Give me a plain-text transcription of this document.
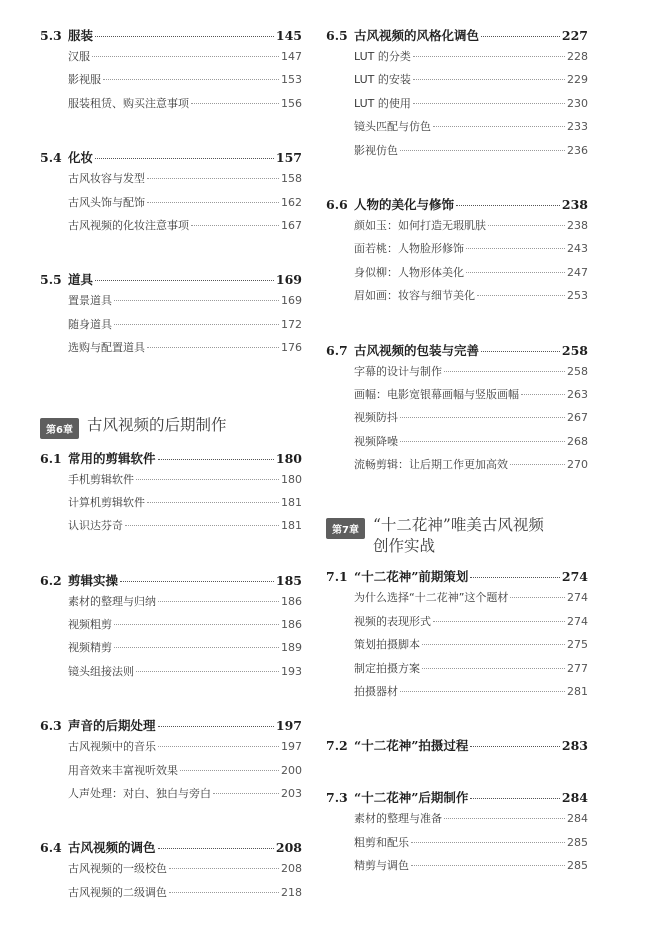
5.3 服装	145
汉服	147
影视服	153
服装租赁、购买注意事项	156
5.4 化妆	157
古风妆容与发型	158
古风头饰与配饰	162
古风视频的化妆注意事项	167
5.5 道具	169
置景道具	169
随身道具	172
选购与配置道具	176
第6章 古风视频的后期制作
6.1 常用的剪辑软件	180
手机剪辑软件	180
计算机剪辑软件	181
认识达芬奇	181
6.2 剪辑实操	185
素材的整理与归纳	186
视频粗剪	186
视频精剪	189
镜头组接法则	193
6.3 声音的后期处理	197
古风视频中的音乐	197
用音效来丰富视听效果	200
人声处理：对白、独白与旁白	203
6.4 古风视频的调色	208
古风视频的一级校色	208
古风视频的二级调色	218
6.5 古风视频的风格化调色	227
LUT 的分类	228
LUT 的安装	229
LUT 的使用	230
镜头匹配与仿色	233
影视仿色	236
6.6 人物的美化与修饰	238
颜如玉：如何打造无瑕肌肤	238
面若桃：人物脸形修饰	243
身似柳：人物形体美化	247
眉如画：妆容与细节美化	253
6.7 古风视频的包装与完善	258
字幕的设计与制作	258
画幅：电影宽银幕画幅与竖版画幅	263
视频防抖	267
视频降噪	268
流畅剪辑：让后期工作更加高效	270
第7章 “十二花神”唯美古风视频
创作实战
7.1 “十二花神”前期策划	274
为什么选择“十二花神”这个题材	274
视频的表现形式	274
策划拍摄脚本	275
制定拍摄方案	277
拍摄器材	281
7.2 “十二花神”拍摄过程	283
7.3 “十二花神”后期制作	284
素材的整理与准备	284
粗剪和配乐	285
精剪与调色	285
